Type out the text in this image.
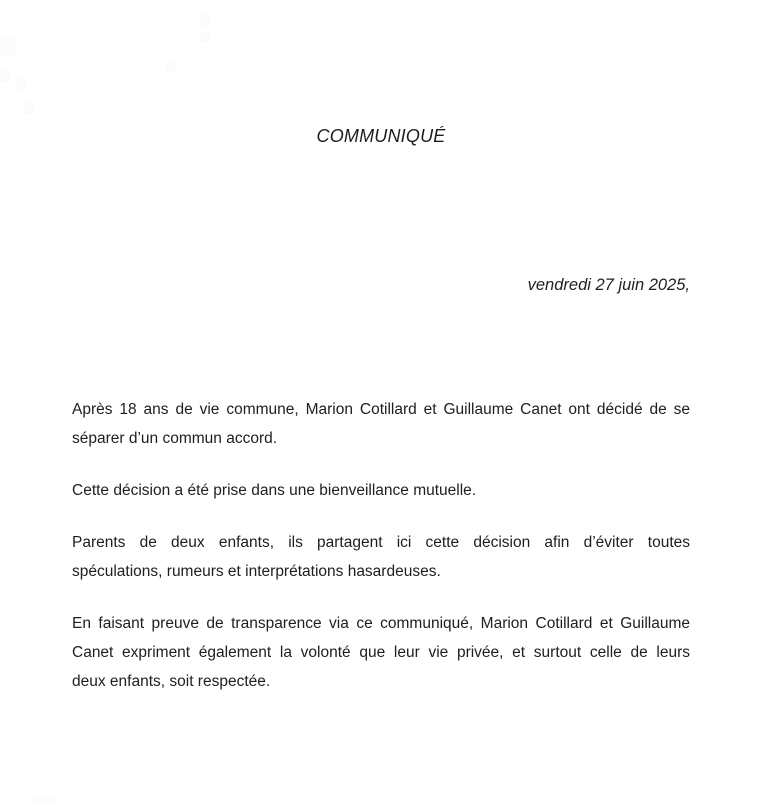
COMMUNIQUÉ
vendredi 27 juin 2025,
Après 18 ans de vie commune, Marion Cotillard et Guillaume Canet ont décidé de se
séparer d’un commun accord.
Cette décision a été prise dans une bienveillance mutuelle.
Parents de deux enfants, ils partagent ici cette décision afin d’éviter toutes
spéculations, rumeurs et interprétations hasardeuses.
En faisant preuve de transparence via ce communiqué, Marion Cotillard et Guillaume
Canet expriment également la volonté que leur vie privée, et surtout celle de leurs
deux enfants, soit respectée.
